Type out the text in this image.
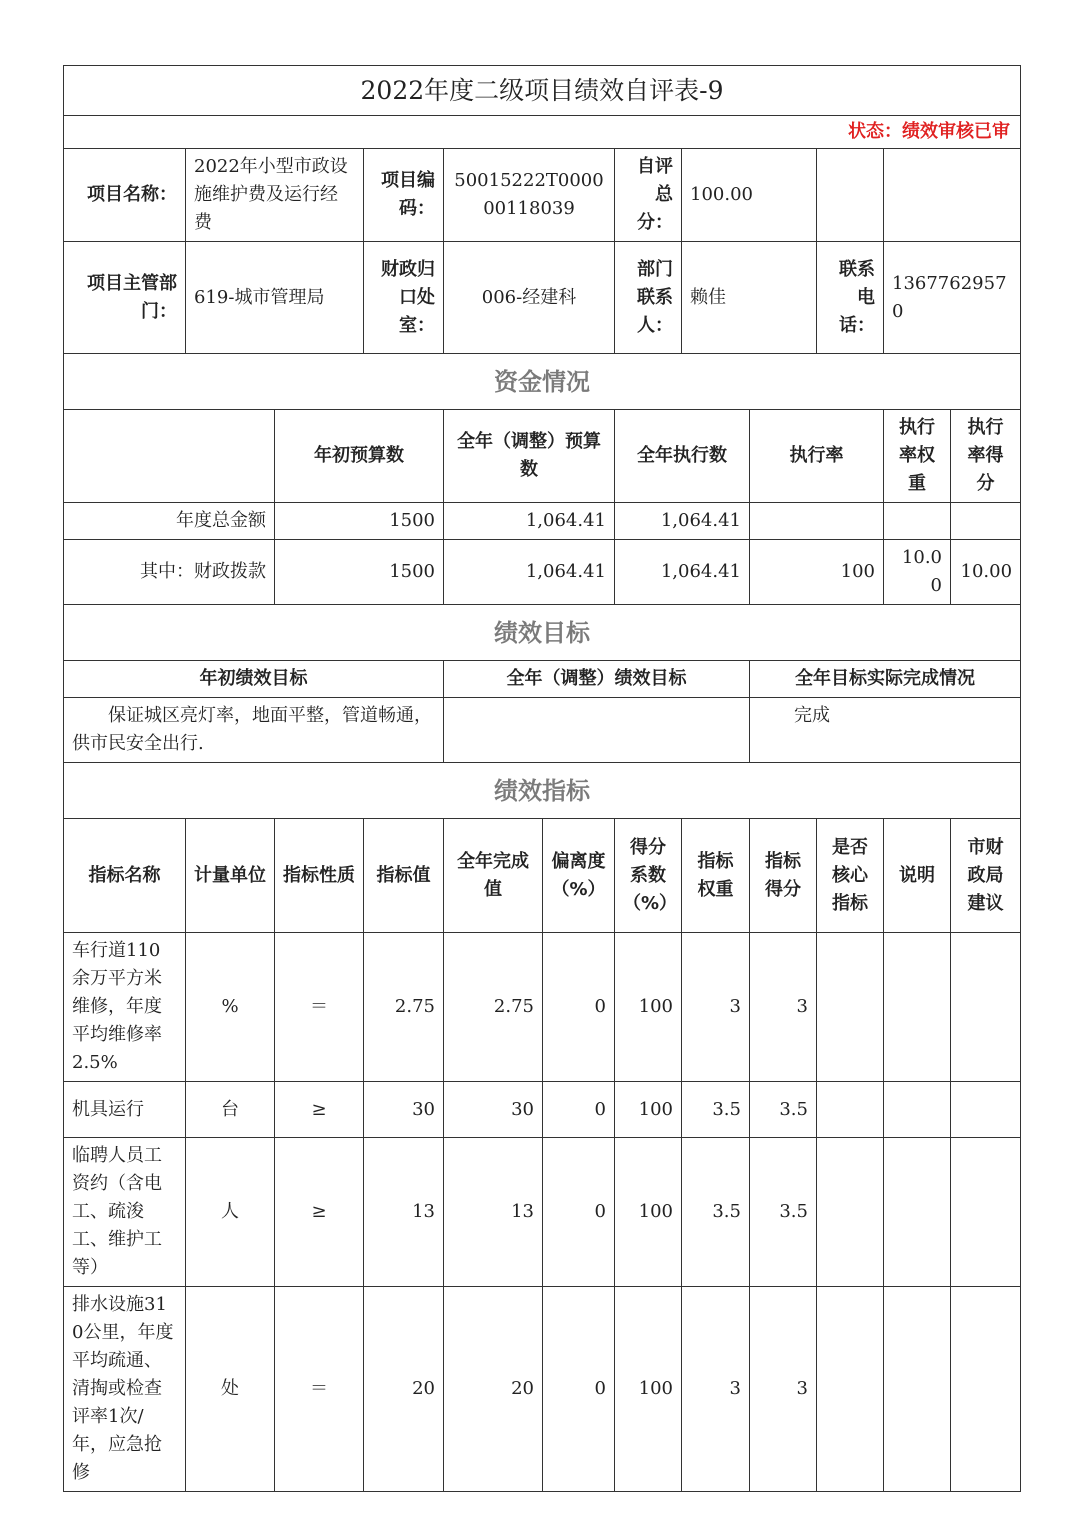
2022年度二级项目绩效自评表-9											
状态：绩效审核已审											
项目名称：	2022年小型市政设施维护费及运行经费		项目编码：	50015222T000000118039		自评总分：	100.00				
项目主管部门：	619-城市管理局		财政归口处室：	006-经建科		部门联系人：	赖佳		联系电话：	13677629570	
资金情况											
		年初预算数		全年（调整）预算数		全年执行数		执行率		执行率权重	执行率得分
年度总金额		1500		1,064.41		1,064.41					
其中：财政拨款		1500		1,064.41		1,064.41		100		10.00	10.00
绩效目标											
年初绩效目标				全年（调整）绩效目标				全年目标实际完成情况			
保证城区亮灯率，地面平整，管道畅通，供市民安全出行.								完成			
绩效指标											
指标名称	计量单位	指标性质	指标值	全年完成值	偏离度（%）	得分系数（%）	指标权重	指标得分	是否核心指标	说明	市财政局建议
车行道110余万平方米维修，年度平均维修率2.5%	%	＝	2.75	2.75	0	100	3	3			
机具运行	台	≥	30	30	0	100	3.5	3.5			
临聘人员工资约（含电工、疏浚工、维护工等）	人	≥	13	13	0	100	3.5	3.5			
排水设施310公里，年度平均疏通、清掏或检查评率1次/年，应急抢修	处	＝	20	20	0	100	3	3			
